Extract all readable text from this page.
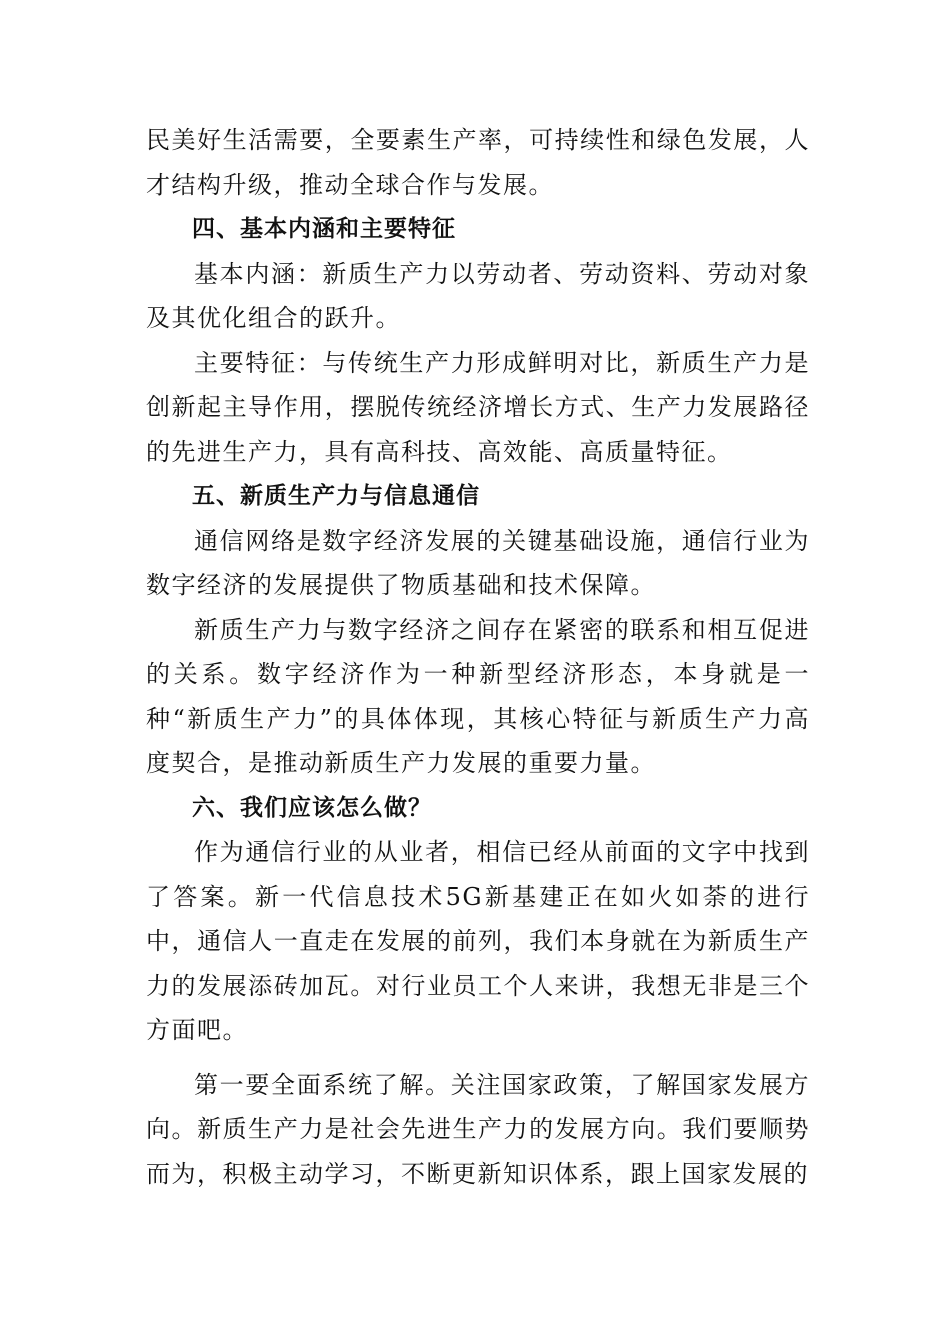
民美好生活需要，全要素生产率，可持续性和绿色发展，人才结构升级，推动全球合作与发展。

四、基本内涵和主要特征

基本内涵：新质生产力以劳动者、劳动资料、劳动对象及其优化组合的跃升。

主要特征：与传统生产力形成鲜明对比，新质生产力是创新起主导作用，摆脱传统经济增长方式、生产力发展路径的先进生产力，具有高科技、高效能、高质量特征。

五、新质生产力与信息通信

通信网络是数字经济发展的关键基础设施，通信行业为数字经济的发展提供了物质基础和技术保障。

新质生产力与数字经济之间存在紧密的联系和相互促进的关系。数字经济作为一种新型经济形态，本身就是一种“新质生产力”的具体体现，其核心特征与新质生产力高度契合，是推动新质生产力发展的重要力量。

六、我们应该怎么做？

作为通信行业的从业者，相信已经从前面的文字中找到了答案。新一代信息技术5G新基建正在如火如荼的进行中，通信人一直走在发展的前列，我们本身就在为新质生产力的发展添砖加瓦。对行业员工个人来讲，我想无非是三个方面吧。

第一要全面系统了解。关注国家政策，了解国家发展方向。新质生产力是社会先进生产力的发展方向。我们要顺势而为，积极主动学习，不断更新知识体系，跟上国家发展的
